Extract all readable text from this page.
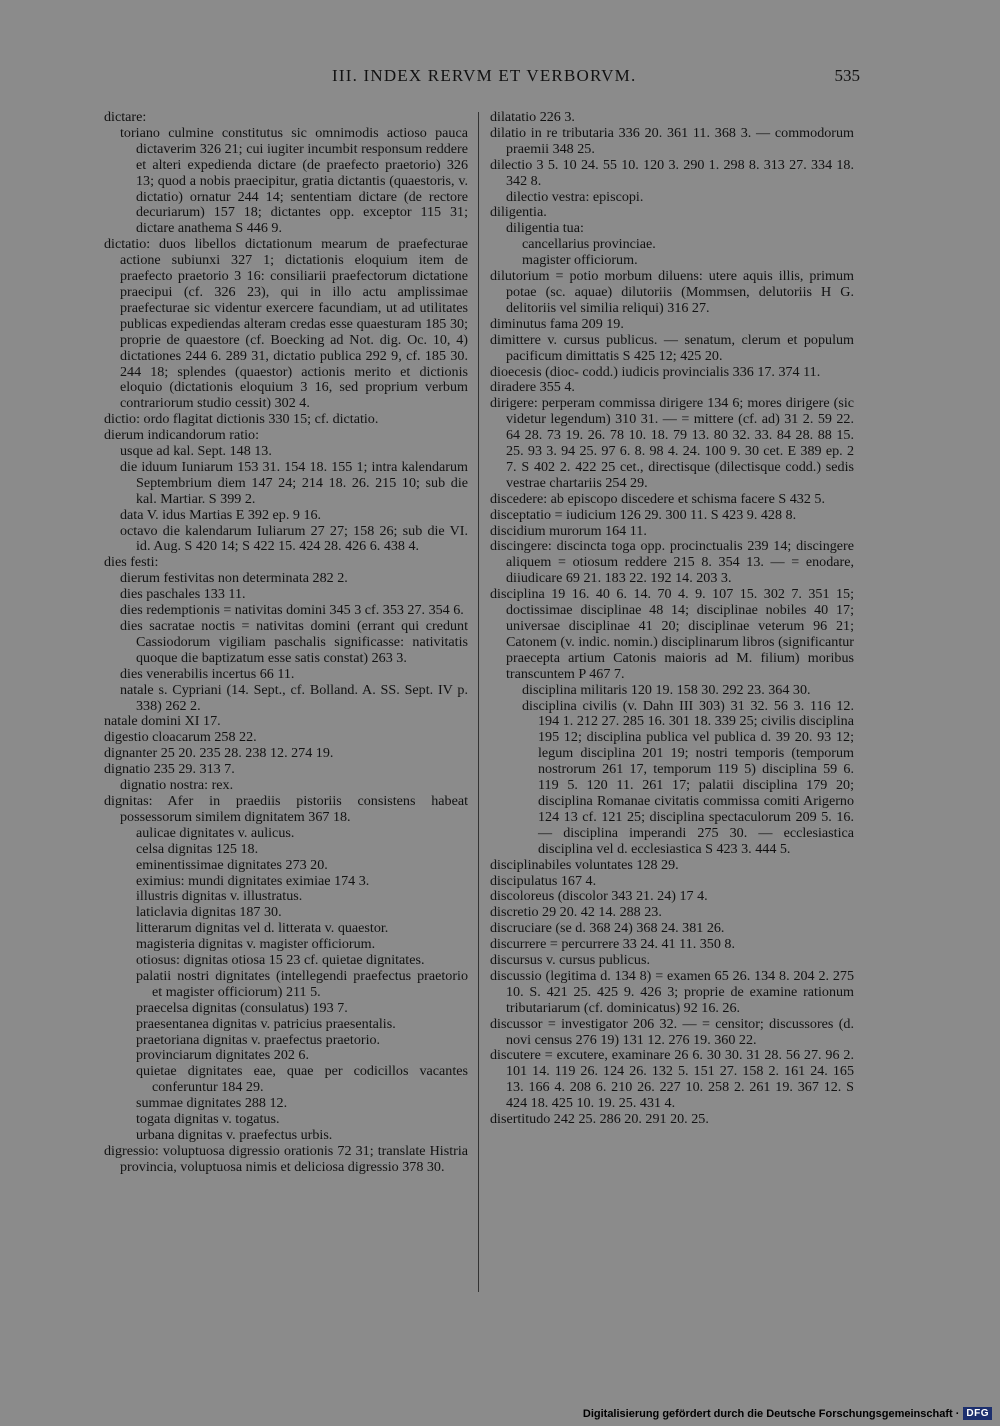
III. INDEX RERVM ET VERBORVM.	535
dictare:
toriano culmine constitutus sic omnimodis actioso pauca dictaverim 326 21; cui iugiter incumbit responsum reddere et alteri expedienda dictare (de praefecto praetorio) 326 13; quod a nobis praecipitur, gratia dictantis (quaestoris, v. dictatio) ornatur 244 14; sententiam dictare (de rectore decuriarum) 157 18; dictantes opp. exceptor 115 31; dictare anathema S 446 9.
dictatio: duos libellos dictationum mearum de praefecturae actione subiunxi 327 1; dictationis eloquium item de praefecto praetorio 3 16: consiliarii praefectorum dictatione praecipui (cf. 326 23), qui in illo actu amplissimae praefecturae sic videntur exercere facundiam, ut ad utilitates publicas expediendas alteram credas esse quaesturam 185 30; proprie de quaestore (cf. Boecking ad Not. dig. Oc. 10, 4) dictationes 244 6. 289 31, dictatio publica 292 9, cf. 185 30. 244 18; splendes (quaestor) actionis merito et dictionis eloquio (dictationis eloquium 3 16, sed proprium verbum contrariorum studio cessit) 302 4.
dictio: ordo flagitat dictionis 330 15; cf. dictatio.
dierum indicandorum ratio:
usque ad kal. Sept. 148 13.
die iduum Iuniarum 153 31. 154 18. 155 1; intra kalendarum Septembrium diem 147 24; 214 18. 26. 215 10; sub die kal. Martiar. S 399 2.
data V. idus Martias E 392 ep. 9 16.
octavo die kalendarum Iuliarum 27 27; 158 26; sub die VI. id. Aug. S 420 14; S 422 15. 424 28. 426 6. 438 4.
dies festi:
dierum festivitas non determinata 282 2.
dies paschales 133 11.
dies redemptionis = nativitas domini 345 3 cf. 353 27. 354 6.
dies sacratae noctis = nativitas domini (errant qui credunt Cassiodorum vigiliam paschalis significasse: nativitatis quoque die baptizatum esse satis constat) 263 3.
dies venerabilis incertus 66 11.
natale s. Cypriani (14. Sept., cf. Bolland. A. SS. Sept. IV p. 338) 262 2.
natale domini XI 17.
digestio cloacarum 258 22.
dignanter 25 20. 235 28. 238 12. 274 19.
dignatio 235 29. 313 7.
dignatio nostra: rex.
dignitas: Afer in praediis pistoriis consistens habeat possessorum similem dignitatem 367 18.
aulicae dignitates v. aulicus.
celsa dignitas 125 18.
eminentissimae dignitates 273 20.
eximius: mundi dignitates eximiae 174 3.
illustris dignitas v. illustratus.
laticlavia dignitas 187 30.
litterarum dignitas vel d. litterata v. quaestor.
magisteria dignitas v. magister officiorum.
otiosus: dignitas otiosa 15 23 cf. quietae dignitates.
palatii nostri dignitates (intellegendi praefectus praetorio et magister officiorum) 211 5.
praecelsa dignitas (consulatus) 193 7.
praesentanea dignitas v. patricius praesentalis.
praetoriana dignitas v. praefectus praetorio.
provinciarum dignitates 202 6.
quietae dignitates eae, quae per codicillos vacantes conferuntur 184 29.
summae dignitates 288 12.
togata dignitas v. togatus.
urbana dignitas v. praefectus urbis.
digressio: voluptuosa digressio orationis 72 31; translate Histria provincia, voluptuosa nimis et deliciosa digressio 378 30.
dilatatio 226 3.
dilatio in re tributaria 336 20. 361 11. 368 3. — commodorum praemii 348 25.
dilectio 3 5. 10 24. 55 10. 120 3. 290 1. 298 8. 313 27. 334 18. 342 8.
dilectio vestra: episcopi.
diligentia.
diligentia tua:
cancellarius provinciae.
magister officiorum.
dilutorium = potio morbum diluens: utere aquis illis, primum potae (sc. aquae) dilutoriis (Mommsen, delutoriis H G. delitoriis vel similia reliqui) 316 27.
diminutus fama 209 19.
dimittere v. cursus publicus. — senatum, clerum et populum pacificum dimittatis S 425 12; 425 20.
dioecesis (dioc- codd.) iudicis provincialis 336 17. 374 11.
diradere 355 4.
dirigere: perperam commissa dirigere 134 6; mores dirigere (sic videtur legendum) 310 31. — = mittere (cf. ad) 31 2. 59 22. 64 28. 73 19. 26. 78 10. 18. 79 13. 80 32. 33. 84 28. 88 15. 25. 93 3. 94 25. 97 6. 8. 98 4. 24. 100 9. 30 cet. E 389 ep. 2 7. S 402 2. 422 25 cet., directisque (dilectisque codd.) sedis vestrae chartariis 254 29.
discedere: ab episcopo discedere et schisma facere S 432 5.
disceptatio = iudicium 126 29. 300 11. S 423 9. 428 8.
discidium murorum 164 11.
discingere: discincta toga opp. procinctualis 239 14; discingere aliquem = otiosum reddere 215 8. 354 13. — = enodare, diiudicare 69 21. 183 22. 192 14. 203 3.
disciplina 19 16. 40 6. 14. 70 4. 9. 107 15. 302 7. 351 15; doctissimae disciplinae 48 14; disciplinae nobiles 40 17; universae disciplinae 41 20; disciplinae veterum 96 21; Catonem (v. indic. nomin.) disciplinarum libros (significantur praecepta artium Catonis maioris ad M. filium) moribus transcuntem P 467 7.
disciplina militaris 120 19. 158 30. 292 23. 364 30.
disciplina civilis (v. Dahn III 303) 31 32. 56 3. 116 12. 194 1. 212 27. 285 16. 301 18. 339 25; civilis disciplina 195 12; disciplina publica vel publica d. 39 20. 93 12; legum disciplina 201 19; nostri temporis (temporum nostrorum 261 17, temporum 119 5) disciplina 59 6. 119 5. 120 11. 261 17; palatii disciplina 179 20; disciplina Romanae civitatis commissa comiti Arigerno 124 13 cf. 121 25; disciplina spectaculorum 209 5. 16. — disciplina imperandi 275 30. — ecclesiastica disciplina vel d. ecclesiastica S 423 3. 444 5.
disciplinabiles voluntates 128 29.
discipulatus 167 4.
discoloreus (discolor 343 21. 24) 17 4.
discretio 29 20. 42 14. 288 23.
discruciare (se d. 368 24) 368 24. 381 26.
discurrere = percurrere 33 24. 41 11. 350 8.
discursus v. cursus publicus.
discussio (legitima d. 134 8) = examen 65 26. 134 8. 204 2. 275 10. S. 421 25. 425 9. 426 3; proprie de examine rationum tributariarum (cf. dominicatus) 92 16. 26.
discussor = investigator 206 32. — = censitor; discussores (d. novi census 276 19) 131 12. 276 19. 360 22.
discutere = excutere, examinare 26 6. 30 30. 31 28. 56 27. 96 2. 101 14. 119 26. 124 26. 132 5. 151 27. 158 2. 161 24. 165 13. 166 4. 208 6. 210 26. 227 10. 258 2. 261 19. 367 12. S 424 18. 425 10. 19. 25. 431 4.
disertitudo 242 25. 286 20. 291 20. 25.
Digitalisierung gefördert durch die Deutsche Forschungsgemeinschaft · DFG
